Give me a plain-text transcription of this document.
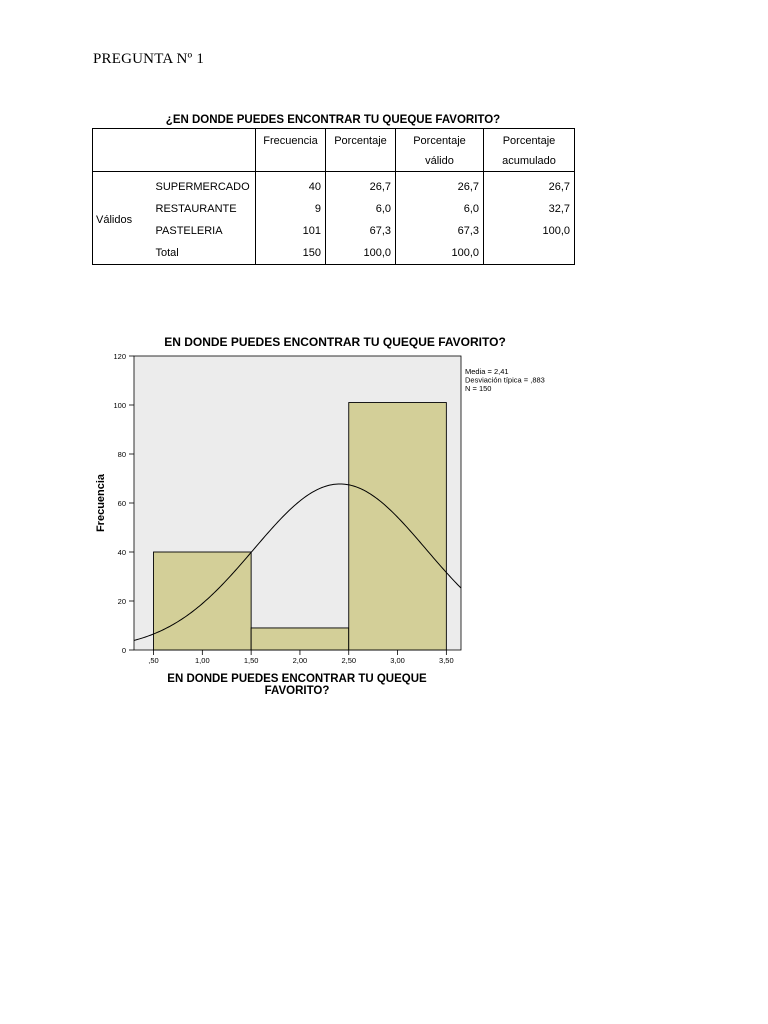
PREGUNTA Nº 1
¿EN DONDE PUEDES ENCONTRAR TU QUEQUE FAVORITO?
		Frecuencia	Porcentaje	Porcentaje válido	Porcentaje acumulado
Válidos	SUPERMERCADO	40	26,7	26,7	26,7
	RESTAURANTE	9	6,0	6,0	32,7
	PASTELERIA	101	67,3	67,3	100,0
	Total	150	100,0	100,0	
EN DONDE PUEDES ENCONTRAR TU QUEQUE FAVORITO?
0
20
40
60
80
100
120
,50	1,00	1,50	2,00	2,50	3,00	3,50
Frecuencia
EN DONDE PUEDES ENCONTRAR TU QUEQUE
FAVORITO?
Media = 2,41
Desviación típica = ,883
N = 150
